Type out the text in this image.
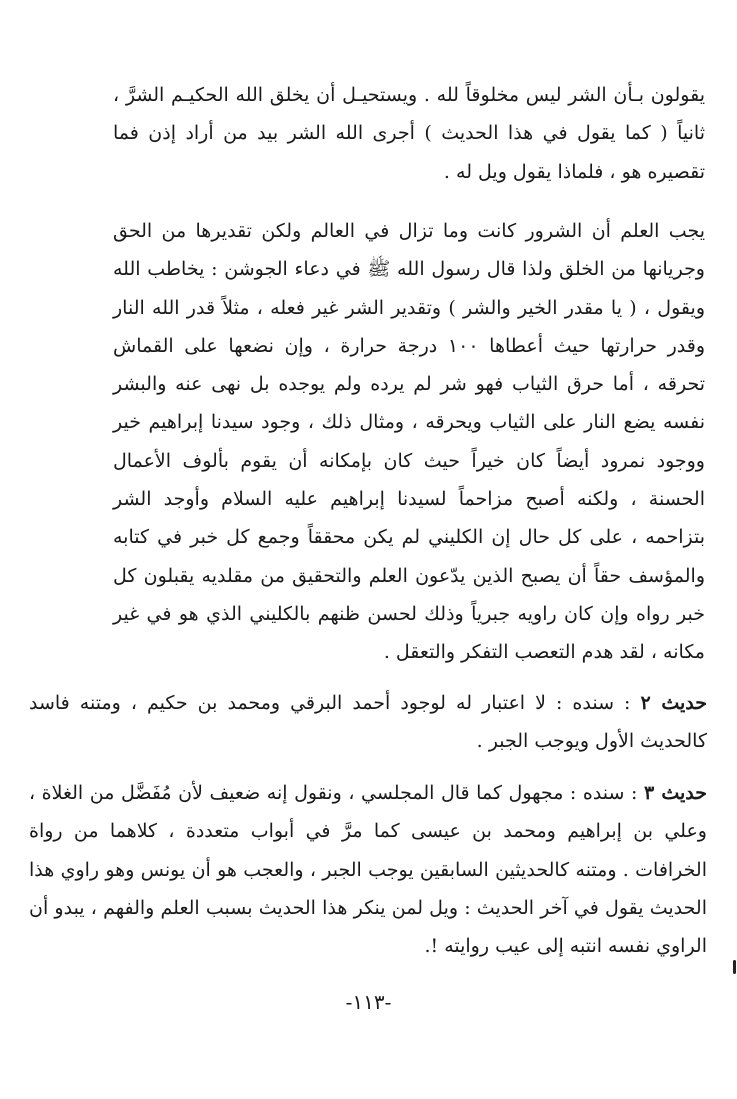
يقولون بـأن الشر ليس مخلوقاً لله . ويستحيـل أن يخلق الله الحكيـم الشرَّ ، ثانياً ( كما يقول في هذا الحديث ) أجرى الله الشر بيد من أراد إذن فما تقصيره هو ، فلماذا يقول ويل له .

يجب العلم أن الشرور كانت وما تزال في العالم ولكن تقديرها من الحق وجريانها من الخلق ولذا قال رسول الله ﷺ في دعاء الجوشن : يخاطب الله ويقول ، ( يا مقدر الخير والشر ) وتقدير الشر غير فعله ، مثلاً قدر الله النار وقدر حرارتها حيث أعطاها ١٠٠ درجة حرارة ، وإن نضعها على القماش تحرقه ، أما حرق الثياب فهو شر لم يرده ولم يوجده بل نهى عنه والبشر نفسه يضع النار على الثياب ويحرقه ، ومثال ذلك ، وجود سيدنا إبراهيم خير ووجود نمرود أيضاً كان خيراً حيث كان بإمكانه أن يقوم بألوف الأعمال الحسنة ، ولكنه أصبح مزاحماً لسيدنا إبراهيم عليه السلام وأوجد الشر بتزاحمه ، على كل حال إن الكليني لم يكن محققاً وجمع كل خبر في كتابه والمؤسف حقاً أن يصبح الذين يدّعون العلم والتحقيق من مقلديه يقبلون كل خبر رواه وإن كان راويه جبرياً وذلك لحسن ظنهم بالكليني الذي هو في غير مكانه ، لقد هدم التعصب التفكر والتعقل .

حديث ٢ : سنده : لا اعتبار له لوجود أحمد البرقي ومحمد بن حكيم ، ومتنه فاسد كالحديث الأول ويوجب الجبر .
حديث ٣ : سنده : مجهول كما قال المجلسي ، ونقول إنه ضعيف لأن مُفَضَّل من الغلاة ، وعلي بن إبراهيم ومحمد بن عيسى كما مرَّ في أبواب متعددة ، كلاهما من رواة الخرافات . ومتنه كالحديثين السابقين يوجب الجبر ، والعجب هو أن يونس وهو راوي هذا الحديث يقول في آخر الحديث : ويل لمن ينكر هذا الحديث بسبب العلم والفهم ، يبدو أن الراوي نفسه انتبه إلى عيب روايته !.
-١١٣-
